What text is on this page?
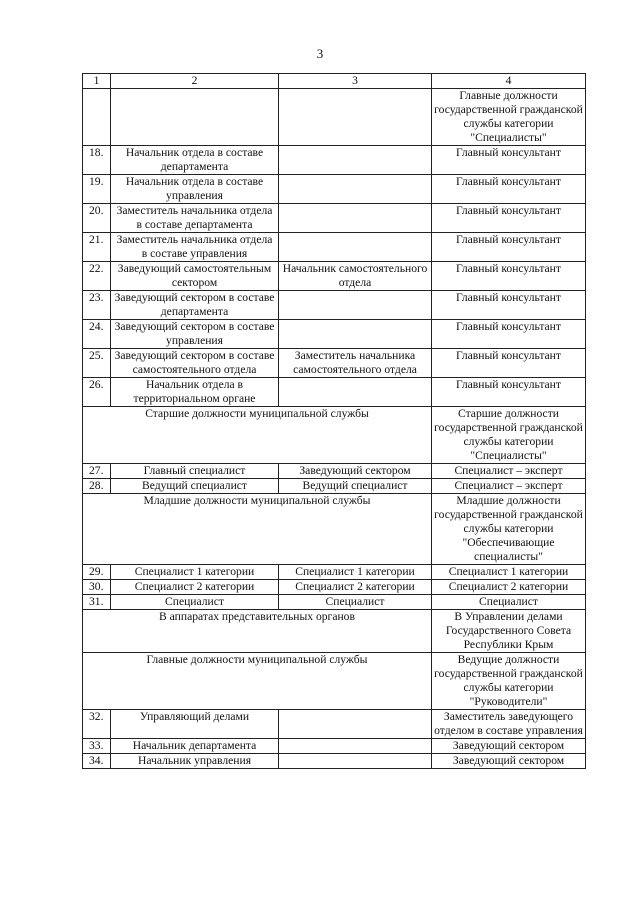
3
1	2	3	4
			Главные должности государственной гражданской службы категории "Специалисты"
18.	Начальник отдела в составе департамента		Главный консультант
19.	Начальник отдела в составе управления		Главный консультант
20.	Заместитель начальника отдела в составе департамента		Главный консультант
21.	Заместитель начальника отдела в составе управления		Главный консультант
22.	Заведующий самостоятельным сектором	Начальник самостоятельного отдела	Главный консультант
23.	Заведующий сектором в составе департамента		Главный консультант
24.	Заведующий сектором в составе управления		Главный консультант
25.	Заведующий сектором в составе самостоятельного отдела	Заместитель начальника самостоятельного отдела	Главный консультант
26.	Начальник отдела в территориальном органе		Главный консультант
Старшие должности муниципальной службы			Старшие должности государственной гражданской службы категории "Специалисты"
27.	Главный специалист	Заведующий сектором	Специалист – эксперт
28.	Ведущий специалист	Ведущий специалист	Специалист – эксперт
Младшие должности муниципальной службы			Младшие должности государственной гражданской службы категории "Обеспечивающие специалисты"
29.	Специалист 1 категории	Специалист 1 категории	Специалист 1 категории
30.	Специалист 2 категории	Специалист 2 категории	Специалист 2 категории
31.	Специалист	Специалист	Специалист
В аппаратах представительных органов			В Управлении делами Государственного Совета Республики Крым
Главные должности муниципальной службы			Ведущие должности государственной гражданской службы категории "Руководители"
32.	Управляющий делами		Заместитель заведующего отделом в составе управления
33.	Начальник департамента		Заведующий сектором
34.	Начальник управления		Заведующий сектором
